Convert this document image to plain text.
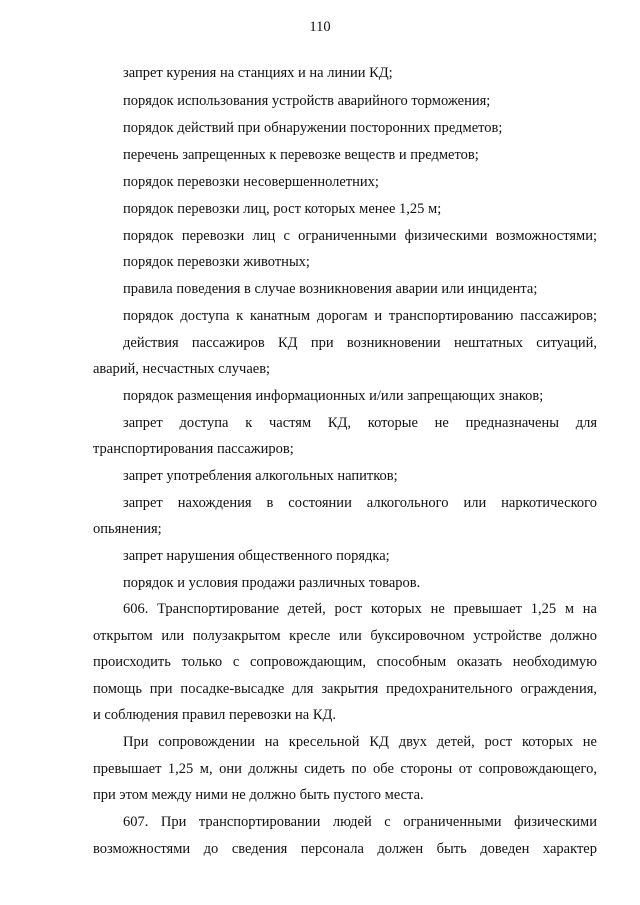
110

запрет курения на станциях и на линии КД;

порядок использования устройств аварийного торможения;

порядок действий при обнаружении посторонних предметов;

перечень запрещенных к перевозке веществ и предметов;

порядок перевозки несовершеннолетних;

порядок перевозки лиц, рост которых менее 1,25 м;

порядок перевозки лиц с ограниченными физическими возможностями;

порядок перевозки животных;

правила поведения в случае возникновения аварии или инцидента;

порядок доступа к канатным дорогам и транспортированию пассажиров;

действия пассажиров КД при возникновении нештатных ситуаций,

аварий, несчастных случаев;

порядок размещения информационных и/или запрещающих знаков;

запрет доступа к частям КД, которые не предназначены для

транспортирования пассажиров;

запрет употребления алкогольных напитков;

запрет нахождения в состоянии алкогольного или наркотического

опьянения;

запрет нарушения общественного порядка;

порядок и условия продажи различных товаров.

606. Транспортирование детей, рост которых не превышает 1,25 м на

открытом или полузакрытом кресле или буксировочном устройстве должно

происходить только с сопровождающим, способным оказать необходимую

помощь при посадке-высадке для закрытия предохранительного ограждения,

и соблюдения правил перевозки на КД.

При сопровождении на кресельной КД двух детей, рост которых не

превышает 1,25 м, они должны сидеть по обе стороны от сопровождающего,

при этом между ними не должно быть пустого места.

607. При транспортировании людей с ограниченными физическими

возможностями до сведения персонала должен быть доведен характер
